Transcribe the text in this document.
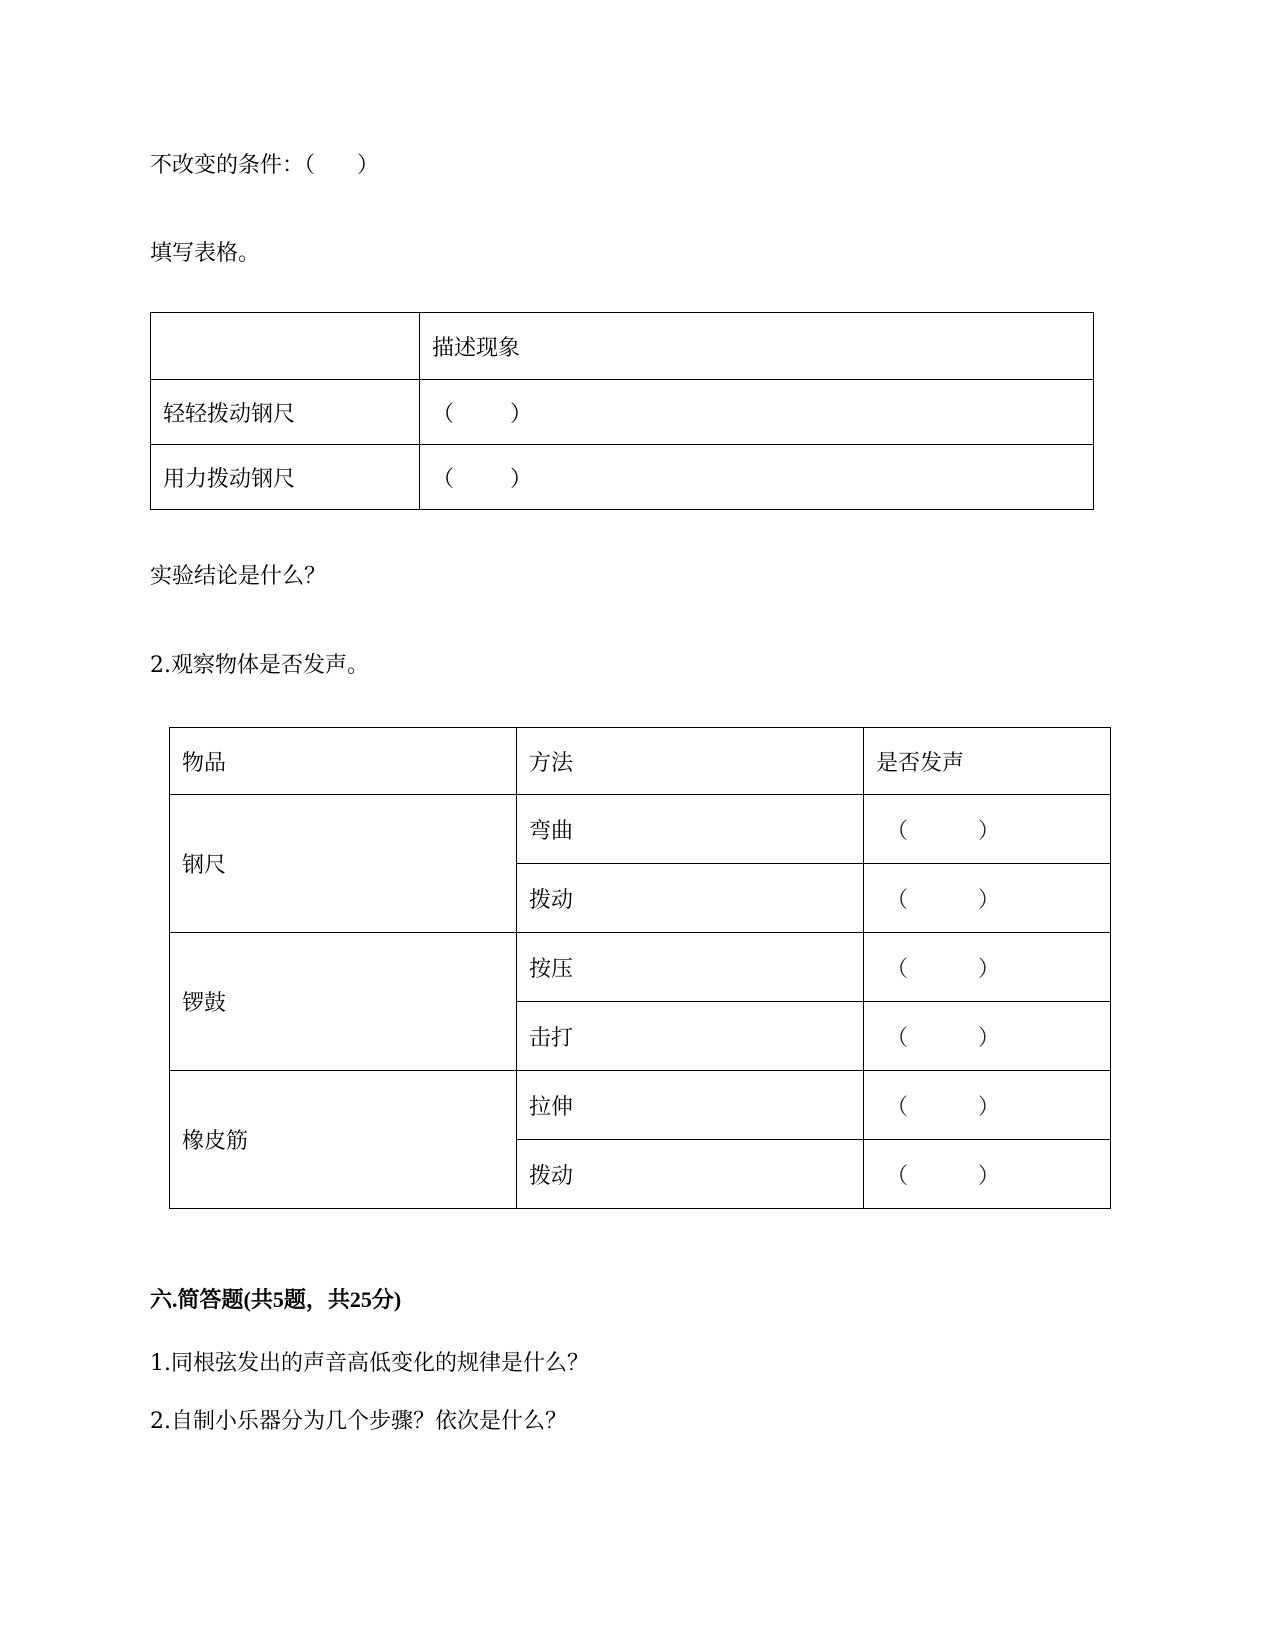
不改变的条件：（      ）
填写表格。
	描述现象
轻轻拨动钢尺	（        ）
用力拨动钢尺	（        ）
实验结论是什么？
2.观察物体是否发声。
物品	方法	是否发声
钢尺	弯曲	（          ）
	拨动	（          ）
锣鼓	按压	（          ）
	击打	（          ）
橡皮筋	拉伸	（          ）
	拨动	（          ）
六.简答题(共5题，共25分)
1.同根弦发出的声音高低变化的规律是什么？
2.自制小乐器分为几个步骤？依次是什么？
